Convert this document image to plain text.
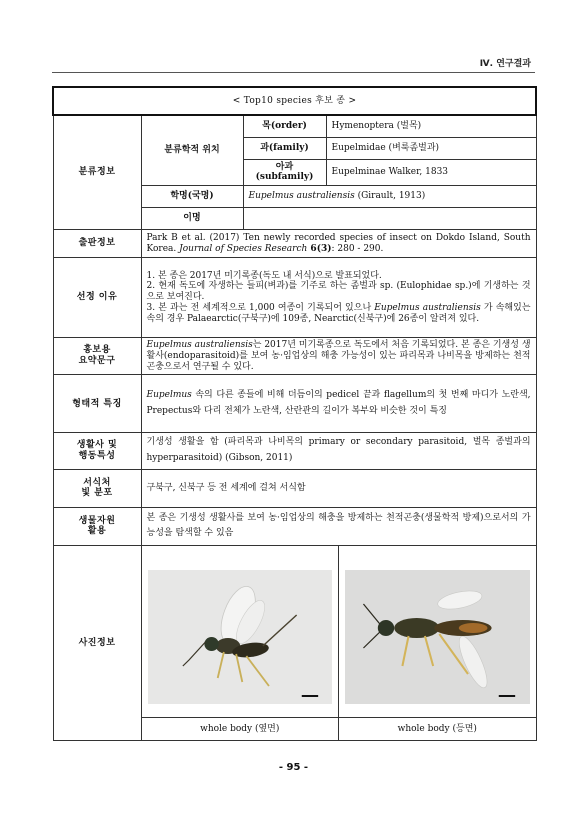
Ⅳ. 연구결과
< Top10 species 후보 종 >			
분류정보	분류학적 위치	목(order)	Hymenoptera (벌목)
		과(family)	Eupelmidae (벼룩좀벌과)
		아과(subfamily)	Eupelminae Walker, 1833
	학명(국명)	Eupelmus australiensis (Girault, 1913)	
	이명		
출판정보	Park B et al. (2017) Ten newly recorded species of insect on Dokdo Island, South Korea. Journal of Species Research 6(3): 280 - 290.		
선정 이유	1. 본 종은 2017년 미기록종(독도 내 서식)으로 발표되었다.
2. 현재 독도에 자생하는 들피(벼과)를 기주로 하는 좀벌과 sp. (Eulophidae sp.)에 기생하는 것으로 보여진다.
3. 본 과는 전 세계적으로 1,000 여종이 기록되어 있으나 Eupelmus australiensis 가 속해있는 속의 경우 Palaearctic(구북구)에 109종, Nearctic(신북구)에 26종이 알려져 있다.		

홍보용
요약문구	Eupelmus australiensis는 2017년 미기록종으로 독도에서 처음 기록되었다. 본 종은 기생성 생활사(endoparasitoid)를 보여 농·임업상의 해충 가능성이 있는 파리목과 나비목을 방제하는 천적곤충으로서 연구될 수 있다.		
형태적 특징	Eupelmus 속의 다른 종들에 비해 더듬이의 pedicel 끝과 flagellum의 첫 번째 마디가 노란색, Prepectus와 다리 전체가 노란색, 산란관의 길이가 복부와 비슷한 것이 특징		

생활사 및
행동특성	기생성 생활을 함 (파리목과 나비목의 primary or secondary parasitoid, 벌목 종벌과의 hyperparasitoid) (Gibson, 2011)		

서식처
빛 분포	구북구, 신북구 등 전 세계에 걸쳐 서식함		

생물자원
활용	본 종은 기생성 생활사를 보여 농·임업상의 해충을 방제하는 천적곤충(생물학적 방제)으로서의 가능성을 탐색할 수 있음		
사진정보	whole body (옆면) whole body (등면)		
- 95 -
